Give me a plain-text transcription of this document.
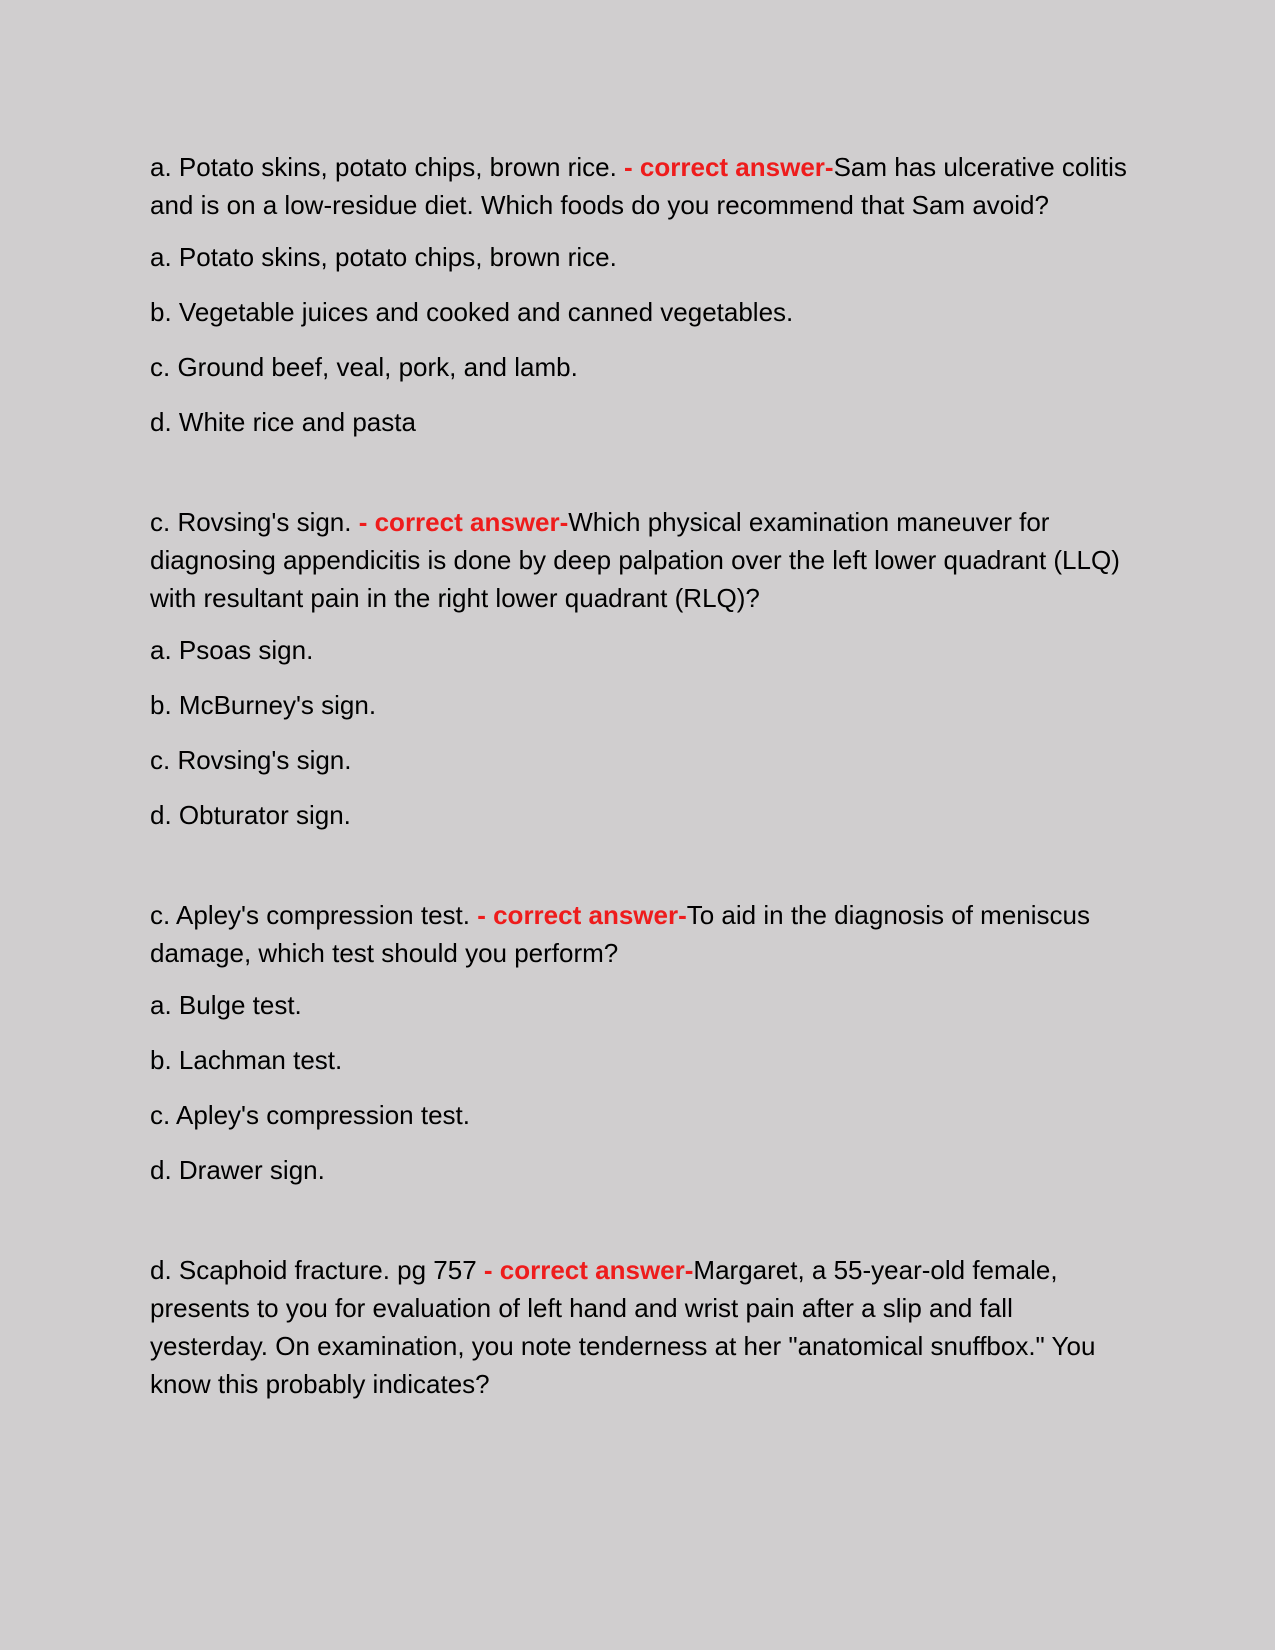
a. Potato skins, potato chips, brown rice. - correct answer-Sam has ulcerative colitis and is on a low-residue diet. Which foods do you recommend that Sam avoid?
a. Potato skins, potato chips, brown rice.
b. Vegetable juices and cooked and canned vegetables.
c. Ground beef, veal, pork, and lamb.
d. White rice and pasta
c. Rovsing's sign. - correct answer-Which physical examination maneuver for diagnosing appendicitis is done by deep palpation over the left lower quadrant (LLQ) with resultant pain in the right lower quadrant (RLQ)?
a. Psoas sign.
b. McBurney's sign.
c. Rovsing's sign.
d. Obturator sign.
c. Apley's compression test. - correct answer-To aid in the diagnosis of meniscus damage, which test should you perform?
a. Bulge test.
b. Lachman test.
c. Apley's compression test.
d. Drawer sign.
d. Scaphoid fracture. pg 757 - correct answer-Margaret, a 55-year-old female, presents to you for evaluation of left hand and wrist pain after a slip and fall yesterday. On examination, you note tenderness at her "anatomical snuffbox." You know this probably indicates?
